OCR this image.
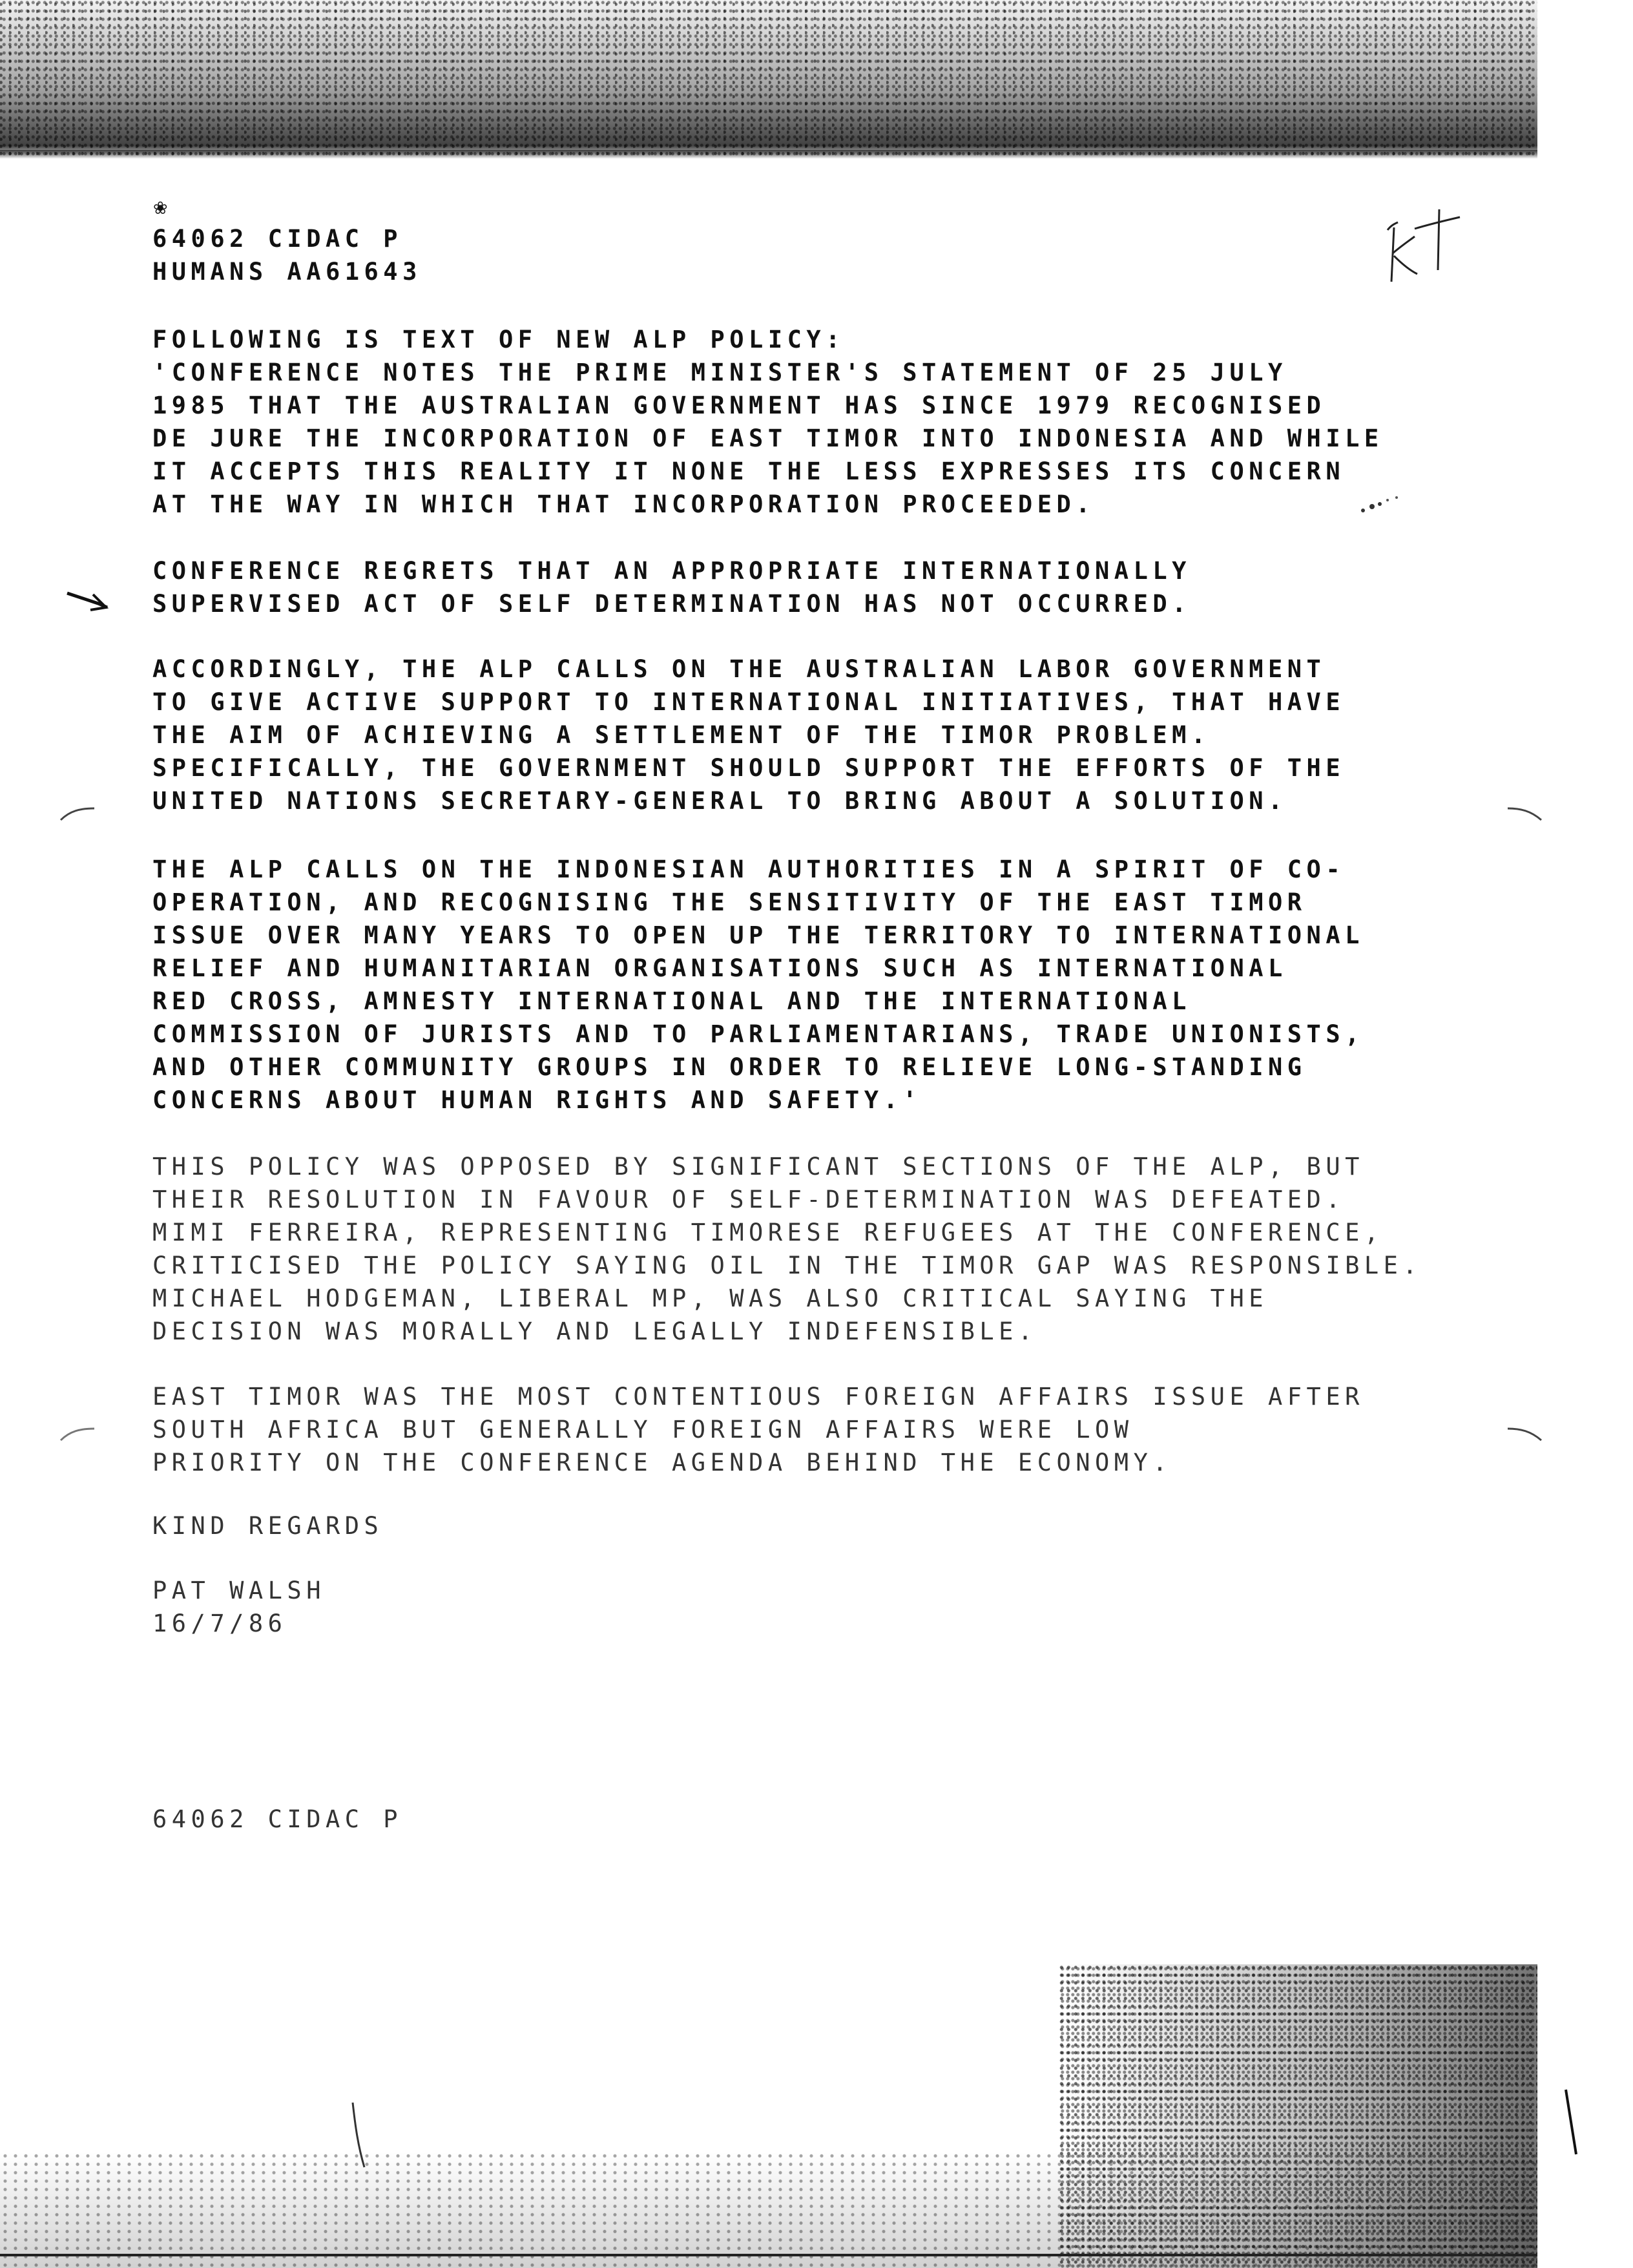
❀
64062 CIDAC P
HUMANS AA61643
FOLLOWING IS TEXT OF NEW ALP POLICY:
'CONFERENCE NOTES THE PRIME MINISTER'S STATEMENT OF 25 JULY
1985 THAT THE AUSTRALIAN GOVERNMENT HAS SINCE 1979 RECOGNISED
DE JURE THE INCORPORATION OF EAST TIMOR INTO INDONESIA AND WHILE
IT ACCEPTS THIS REALITY IT NONE THE LESS EXPRESSES ITS CONCERN
AT THE WAY IN WHICH THAT INCORPORATION PROCEEDED.
CONFERENCE REGRETS THAT AN APPROPRIATE INTERNATIONALLY
SUPERVISED ACT OF SELF DETERMINATION HAS NOT OCCURRED.
ACCORDINGLY, THE ALP CALLS ON THE AUSTRALIAN LABOR GOVERNMENT
TO GIVE ACTIVE SUPPORT TO INTERNATIONAL INITIATIVES, THAT HAVE
THE AIM OF ACHIEVING A SETTLEMENT OF THE TIMOR PROBLEM.
SPECIFICALLY, THE GOVERNMENT SHOULD SUPPORT THE EFFORTS OF THE
UNITED NATIONS SECRETARY-GENERAL TO BRING ABOUT A SOLUTION.
THE ALP CALLS ON THE INDONESIAN AUTHORITIES IN A SPIRIT OF CO-
OPERATION, AND RECOGNISING THE SENSITIVITY OF THE EAST TIMOR
ISSUE OVER MANY YEARS TO OPEN UP THE TERRITORY TO INTERNATIONAL
RELIEF AND HUMANITARIAN ORGANISATIONS SUCH AS INTERNATIONAL
RED CROSS, AMNESTY INTERNATIONAL AND THE INTERNATIONAL
COMMISSION OF JURISTS AND TO PARLIAMENTARIANS, TRADE UNIONISTS,
AND OTHER COMMUNITY GROUPS IN ORDER TO RELIEVE LONG-STANDING
CONCERNS ABOUT HUMAN RIGHTS AND SAFETY.'
THIS POLICY WAS OPPOSED BY SIGNIFICANT SECTIONS OF THE ALP, BUT
THEIR RESOLUTION IN FAVOUR OF SELF-DETERMINATION WAS DEFEATED.
MIMI FERREIRA, REPRESENTING TIMORESE REFUGEES AT THE CONFERENCE,
CRITICISED THE POLICY SAYING OIL IN THE TIMOR GAP WAS RESPONSIBLE.
MICHAEL HODGEMAN, LIBERAL MP, WAS ALSO CRITICAL SAYING THE
DECISION WAS MORALLY AND LEGALLY INDEFENSIBLE.
EAST TIMOR WAS THE MOST CONTENTIOUS FOREIGN AFFAIRS ISSUE AFTER
SOUTH AFRICA BUT GENERALLY FOREIGN AFFAIRS WERE LOW
PRIORITY ON THE CONFERENCE AGENDA BEHIND THE ECONOMY.
KIND REGARDS
PAT WALSH
16/7/86
64062 CIDAC P
